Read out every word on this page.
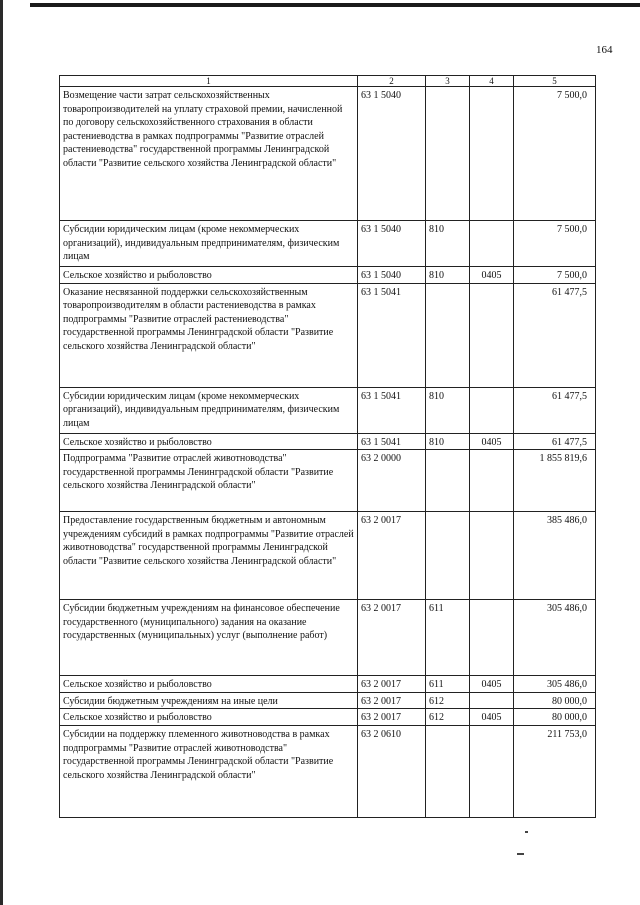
164
1	2	3	4	5
Возмещение части затрат сельскохозяйственных товаропроизводителей на уплату страховой премии, начисленной по договору сельскохозяйственного страхования в области растениеводства в рамках подпрограммы "Развитие отраслей растениеводства" государственной программы Ленинградской области "Развитие сельского хозяйства Ленинградской области"	63 1 5040			7 500,0
Субсидии юридическим лицам (кроме некоммерческих организаций), индивидуальным предпринимателям, физическим лицам	63 1 5040	810		7 500,0
Сельское хозяйство и рыболовство	63 1 5040	810	0405	7 500,0
Оказание несвязанной поддержки сельскохозяйственным товаропроизводителям в области растениеводства в рамках подпрограммы "Развитие отраслей растениеводства" государственной программы Ленинградской области "Развитие сельского хозяйства Ленинградской области"	63 1 5041			61 477,5
Субсидии юридическим лицам (кроме некоммерческих организаций), индивидуальным предпринимателям, физическим лицам	63 1 5041	810		61 477,5
Сельское хозяйство и рыболовство	63 1 5041	810	0405	61 477,5
Подпрограмма "Развитие отраслей животноводства" государственной программы Ленинградской области "Развитие сельского хозяйства Ленинградской области"	63 2 0000			1 855 819,6
Предоставление государственным бюджетным и автономным учреждениям субсидий в рамках подпрограммы "Развитие отраслей животноводства" государственной программы Ленинградской области "Развитие сельского хозяйства Ленинградской области"	63 2 0017			385 486,0
Субсидии бюджетным учреждениям на финансовое обеспечение государственного (муниципального) задания на оказание государственных (муниципальных) услуг (выполнение работ)	63 2 0017	611		305 486,0
Сельское хозяйство и рыболовство	63 2 0017	611	0405	305 486,0
Субсидии бюджетным учреждениям на иные цели	63 2 0017	612		80 000,0
Сельское хозяйство и рыболовство	63 2 0017	612	0405	80 000,0
Субсидии на поддержку племенного животноводства в рамках подпрограммы "Развитие отраслей животноводства" государственной программы Ленинградской области "Развитие сельского хозяйства Ленинградской области"	63 2 0610			211 753,0
